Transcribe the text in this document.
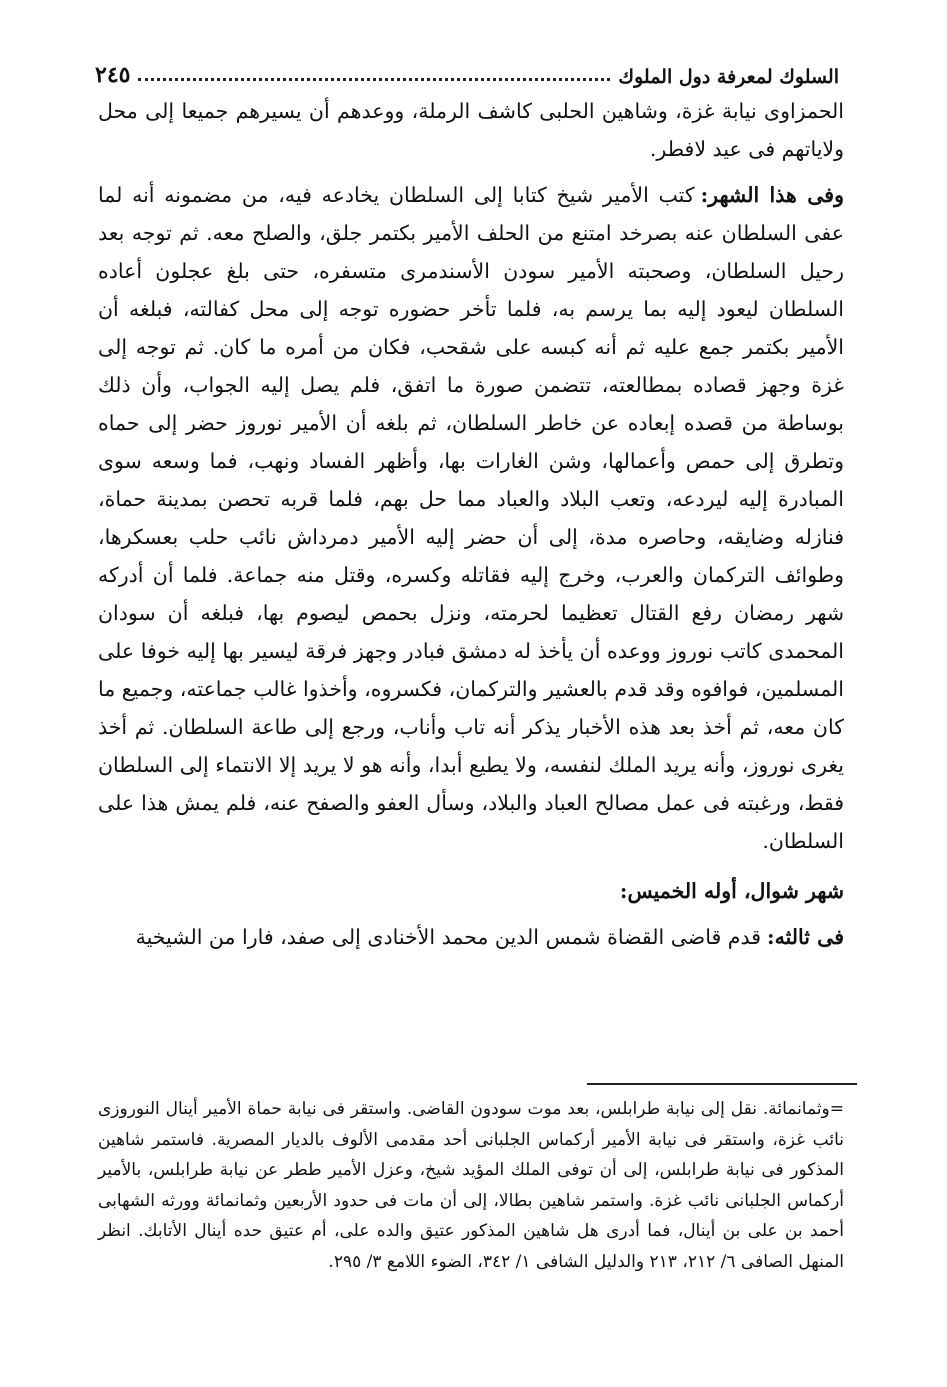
السلوك لمعرفة دول الملوك
٢٤٥

الحمزاوى نيابة غزة، وشاهين الحلبى كاشف الرملة، ووعدهم أن يسيرهم جميعا إلى محل ولاياتهم فى عيد لافطر.

وفى هذا الشهر:كتب الأمير شيخ كتابا إلى السلطان يخادعه فيه، من مضمونه أنه لما عفى السلطان عنه بصرخد امتنع من الحلف الأمير بكتمر جلق، والصلح معه. ثم توجه بعد رحيل السلطان، وصحبته الأمير سودن الأسندمرى متسفره، حتى بلغ عجلون أعاده السلطان ليعود إليه بما يرسم به، فلما تأخر حضوره توجه إلى محل كفالته، فبلغه أن الأمير بكتمر جمع عليه ثم أنه كبسه على شقحب، فكان من أمره ما كان. ثم توجه إلى غزة وجهز قصاده بمطالعته، تتضمن صورة ما اتفق، فلم يصل إليه الجواب، وأن ذلك بوساطة من قصده إبعاده عن خاطر السلطان، ثم بلغه أن الأمير نوروز حضر إلى حماه وتطرق إلى حمص وأعمالها، وشن الغارات بها، وأظهر الفساد ونهب، فما وسعه سوى المبادرة إليه ليردعه، وتعب البلاد والعباد مما حل بهم، فلما قربه تحصن بمدينة حماة، فنازله وضايقه، وحاصره مدة، إلى أن حضر إليه الأمير دمرداش نائب حلب بعسكرها، وطوائف التركمان والعرب، وخرج إليه فقاتله وكسره، وقتل منه جماعة. فلما أن أدركه شهر رمضان رفع القتال تعظيما لحرمته، ونزل بحمص ليصوم بها، فبلغه أن سودان المحمدى كاتب نوروز ووعده أن يأخذ له دمشق فبادر وجهز فرقة ليسير بها إليه خوفا على المسلمين، فوافوه وقد قدم بالعشير والتركمان، فكسروه، وأخذوا غالب جماعته، وجميع ما كان معه، ثم أخذ بعد هذه الأخبار يذكر أنه تاب وأناب، ورجع إلى طاعة السلطان. ثم أخذ يغرى نوروز، وأنه يريد الملك لنفسه، ولا يطيع أبدا، وأنه هو لا يريد إلا الانتماء إلى السلطان فقط، ورغبته فى عمل مصالح العباد والبلاد، وسأل العفو والصفح عنه، فلم يمش هذا على السلطان.

شهر شوال، أوله الخميس:

فى ثالثه:قدم قاضى القضاة شمس الدين محمد الأخنادى إلى صفد، فارا من الشيخية

=وثمانمائة. نقل إلى نيابة طرابلس، بعد موت سودون القاضى. واستقر فى نيابة حماة الأمير أينال النوروزى نائب غزة، واستقر فى نيابة الأمير أركماس الجلبانى أحد مقدمى الألوف بالديار المصرية. فاستمر شاهين المذكور فى نيابة طرابلس، إلى أن توفى الملك المؤيد شيخ، وعزل الأمير ططر عن نيابة طرابلس، بالأمير أركماس الجلبانى نائب غزة. واستمر شاهين بطالا، إلى أن مات فى حدود الأربعين وثمانمائة وورثه الشهابى أحمد بن على بن أينال، فما أدرى هل شاهين المذكور عتيق والده على، أم عتيق حده أينال الأتابك. انظر المنهل الصافى ٦/ ٢١٢، ٢١٣ والدليل الشافى ١/ ٣٤٢، الضوء اللامع ٣/ ٢٩٥.
